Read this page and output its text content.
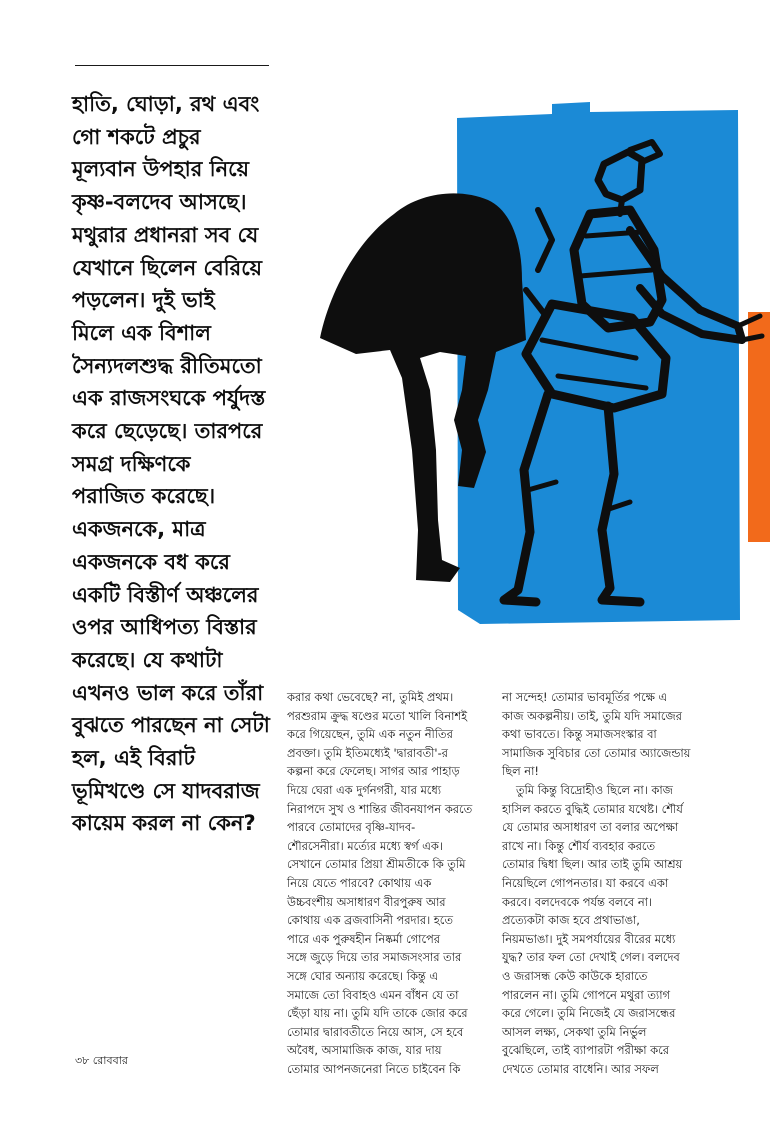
হাতি, ঘোড়া, রথ এবং
গো শকটে প্রচুর
মূল্যবান উপহার নিয়ে
কৃষ্ণ-বলদেব আসছে।
মথুরার প্রধানরা সব যে
যেখানে ছিলেন বেরিয়ে
পড়লেন। দুই ভাই
মিলে এক বিশাল
সৈন্যদলশুদ্ধ রীতিমতো
এক রাজসংঘকে পর্যুদস্ত
করে ছেড়েছে। তারপরে
সমগ্র দক্ষিণকে
পরাজিত করেছে।
একজনকে, মাত্র
একজনকে বধ করে
একটি বিস্তীর্ণ অঞ্চলের
ওপর আধিপত্য বিস্তার
করেছে। যে কথাটা
এখনও ভাল করে তাঁরা
বুঝতে পারছেন না সেটা
হল, এই বিরাট
ভূমিখণ্ডে সে যাদবরাজ
কায়েম করল না কেন?
করার কথা ভেবেছে? না, তুমিই প্রথম।
পরশুরাম ক্রুদ্ধ ষণ্ডের মতো খালি বিনাশই
করে গিয়েছেন, তুমি এক নতুন নীতির
প্রবক্তা। তুমি ইতিমধ্যেই 'দ্বারাবতী'-র
কল্পনা করে ফেলেছ। সাগর আর পাহাড়
দিয়ে ঘেরা এক দুর্গনগরী, যার মধ্যে
নিরাপদে সুখ ও শান্তির জীবনযাপন করতে
পারবে তোমাদের বৃষ্ণি-যাদব-
শৌরসেনীরা। মর্ত্যের মধ্যে স্বর্গ এক।
সেখানে তোমার প্রিয়া শ্রীমতীকে কি তুমি
নিয়ে যেতে পারবে? কোথায় এক
উচ্চবংশীয় অসাধারণ বীরপুরুষ আর
কোথায় এক ব্রজবাসিনী পরদার। হতে
পারে এক পুরুষহীন নিষ্কর্মা গোপের
সঙ্গে জুড়ে দিয়ে তার সমাজসংসার তার
সঙ্গে ঘোর অন্যায় করেছে। কিন্তু এ
সমাজে তো বিবাহও এমন বাঁধন যে তা
ছেঁড়া যায় না। তুমি যদি তাকে জোর করে
তোমার দ্বারাবতীতে নিয়ে আস, সে হবে
অবৈধ, অসামাজিক কাজ, যার দায়
তোমার আপনজনেরা নিতে চাইবেন কি
না সন্দেহ! তোমার ভাবমূর্তির পক্ষে এ
কাজ অকল্পনীয়। তাই, তুমি যদি সমাজের
কথা ভাবতে। কিন্তু সমাজসংস্কার বা
সামাজিক সুবিচার তো তোমার অ্যাজেন্ডায়
ছিল না!
তুমি কিন্তু বিদ্রোহীও ছিলে না। কাজ
হাসিল করতে বুদ্ধিই তোমার যথেষ্ট। শৌর্য
যে তোমার অসাধারণ তা বলার অপেক্ষা
রাখে না। কিন্তু শৌর্য ব্যবহার করতে
তোমার দ্বিধা ছিল। আর তাই তুমি আশ্রয়
নিয়েছিলে গোপনতার। যা করবে একা
করবে। বলদেবকে পর্যন্ত বলবে না।
প্রত্যেকটা কাজ হবে প্রথাভাঙা,
নিয়মভাঙা। দুই সমপর্যায়ের বীরের মধ্যে
যুদ্ধ? তার ফল তো দেখাই গেল। বলদেব
ও জরাসন্ধ কেউ কাউকে হারাতে
পারলেন না। তুমি গোপনে মথুরা ত্যাগ
করে গেলে। তুমি নিজেই যে জরাসন্ধের
আসল লক্ষ্য, সেকথা তুমি নির্ভুল
বুঝেছিলে, তাই ব্যাপারটা পরীক্ষা করে
দেখতে তোমার বাধেনি। আর সফল
৩৮ রোববার
